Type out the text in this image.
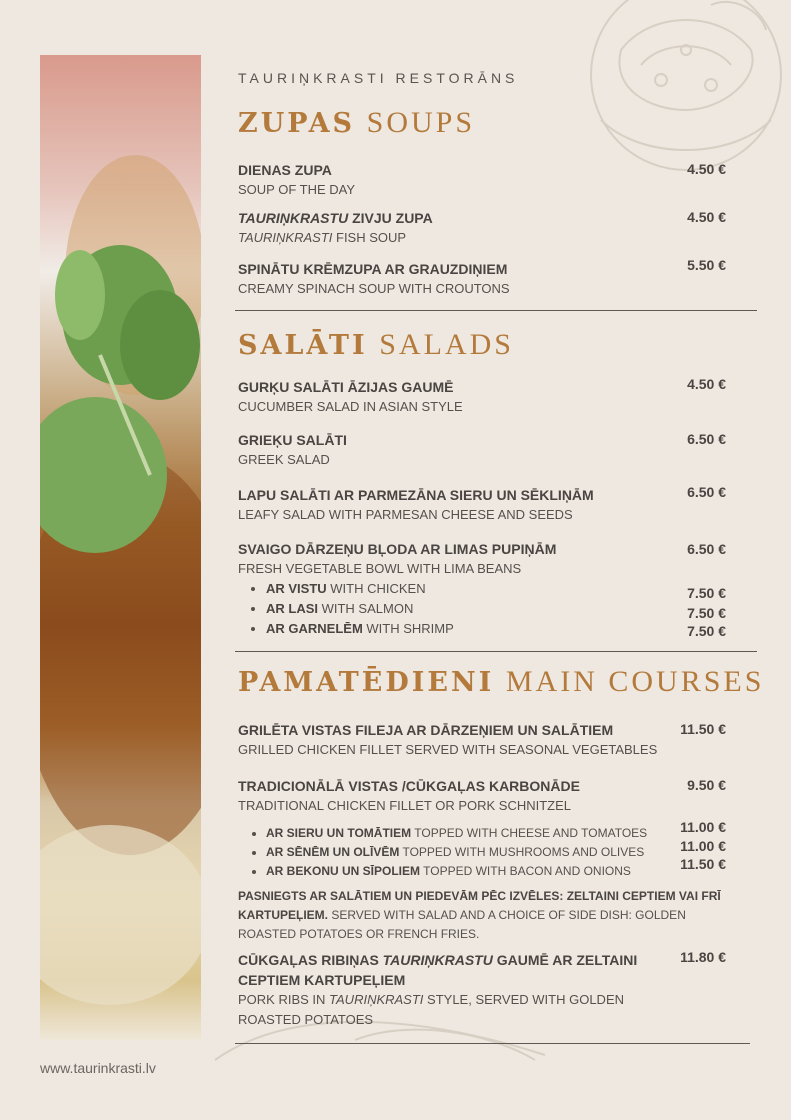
TAURIŅKRASTI RESTORĀNS
ZUPAS SOUPS
DIENAS ZUPA
SOUP OF THE DAY
4.50 €
TAURIŅKRASTU ZIVJU ZUPA
TAURIŅKRASTI FISH SOUP
4.50 €
SPINĀTU KRĒMZUPA AR GRAUZDIŅIEM
CREAMY SPINACH SOUP WITH CROUTONS
5.50 €
SALĀTI SALADS
GURĶU SALĀTI ĀZIJAS GAUMĒ
CUCUMBER SALAD IN ASIAN STYLE
4.50 €
GRIEĶU SALĀTI
GREEK SALAD
6.50 €
LAPU SALĀTI AR PARMEZĀNA SIERU UN SĒKLIŅĀM
LEAFY SALAD WITH PARMESAN CHEESE AND SEEDS
6.50 €
SVAIGO DĀRZEŅU BĻODA AR LIMAS PUPIŅĀM
FRESH VEGETABLE BOWL WITH LIMA BEANS
• AR VISTU WITH CHICKEN
• AR LASI WITH SALMON
• AR GARNELĒM WITH SHRIMP
6.50 €
7.50 €
7.50 €
7.50 €
PAMATĒDIENI MAIN COURSES
GRILĒTA VISTAS FILEJA AR DĀRZEŅIEM UN SALĀTIEM
GRILLED CHICKEN FILLET SERVED WITH SEASONAL VEGETABLES
11.50 €
TRADICIONĀLĀ VISTAS /CŪKGAĻAS KARBONĀDE
TRADITIONAL CHICKEN FILLET OR PORK SCHNITZEL
• AR SIERU UN TOMĀTIEM TOPPED WITH CHEESE AND TOMATOES
• AR SĒNĒM UN OLĪVĒM TOPPED WITH MUSHROOMS AND OLIVES
• AR BEKONU UN SĪPOLIEM TOPPED WITH BACON AND ONIONS
PASNIEGTS AR SALĀTIEM UN PIEDEVĀM PĒC IZVĒLES: ZELTAINI CEPTIEM VAI FRĪ KARTUPEĻIEM. SERVED WITH SALAD AND A CHOICE OF SIDE DISH: GOLDEN ROASTED POTATOES OR FRENCH FRIES.
9.50 €
11.00 €
11.00 €
11.50 €
CŪKGAĻAS RIBIŅAS TAURIŅKRASTU GAUMĒ AR ZELTAINI CEPTIEM KARTUPEĻIEM
PORK RIBS IN TAURIŅKRASTI STYLE, SERVED WITH GOLDEN ROASTED POTATOES
11.80 €
www.taurinkrasti.lv
